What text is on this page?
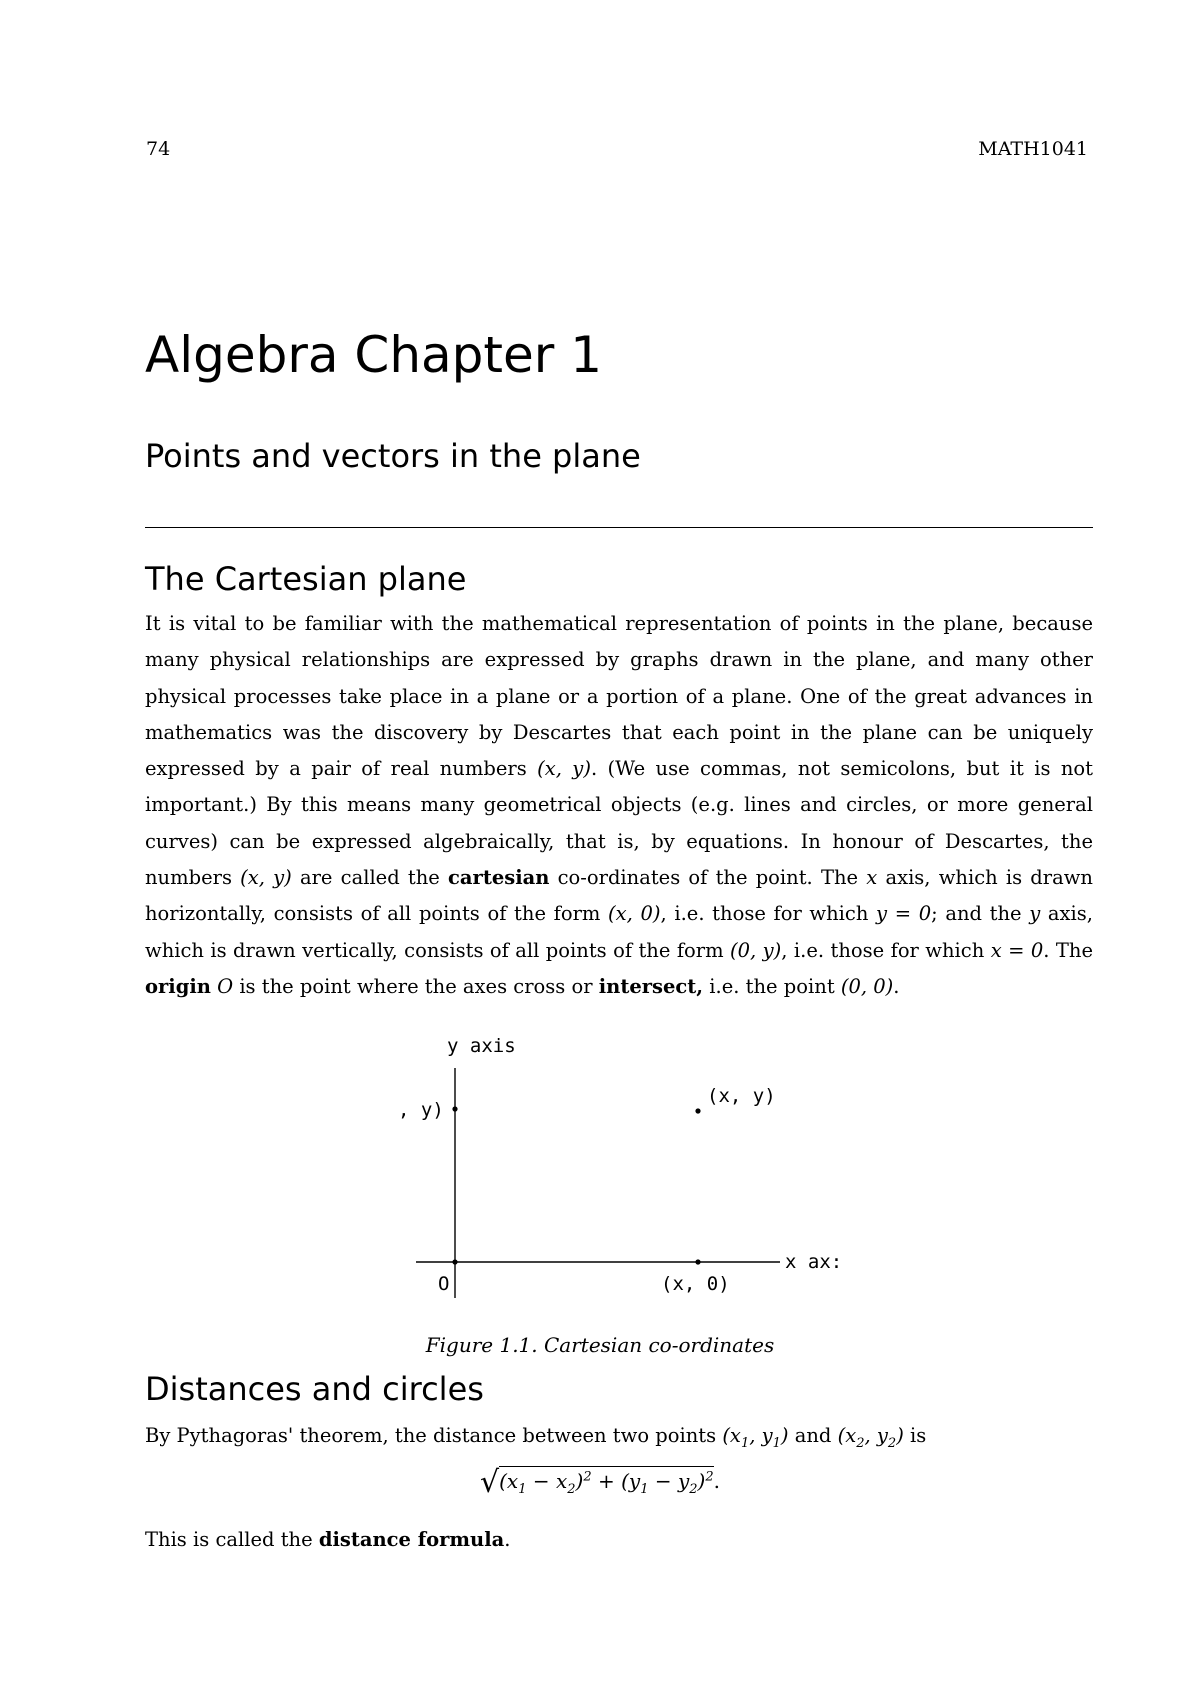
74	MATH1041
Algebra Chapter 1
Points and vectors in the plane
The Cartesian plane

It is vital to be familiar with the mathematical representation of points in the plane, because many physical relationships are expressed by graphs drawn in the plane, and many other physical processes take place in a plane or a portion of a plane. One of the great advances in mathematics was the discovery by Descartes that each point in the plane can be uniquely expressed by a pair of real numbers (x, y). (We use commas, not semicolons, but it is not important.) By this means many geometrical objects (e.g. lines and circles, or more general curves) can be expressed algebraically, that is, by equations. In honour of Descartes, the numbers (x, y) are called the cartesian co-ordinates of the point. The x axis, which is drawn horizontally, consists of all points of the form (x, 0), i.e. those for which y = 0; and the y axis, which is drawn vertically, consists of all points of the form (0, y), i.e. those for which x = 0. The origin O is the point where the axes cross or intersect, i.e. the point (0, 0).

y axis
x ax:
(x, y)
, y)
(x, 0)
O
Figure 1.1. Cartesian co-ordinates
Distances and circles

By Pythagoras' theorem, the distance between two points ($x_1$, $y_1$) and ($x_2$, $y_2$) is

$√(x_1 - x_2)^2 + (y_1 - y_2)^2$.

This is called the distance formula.
